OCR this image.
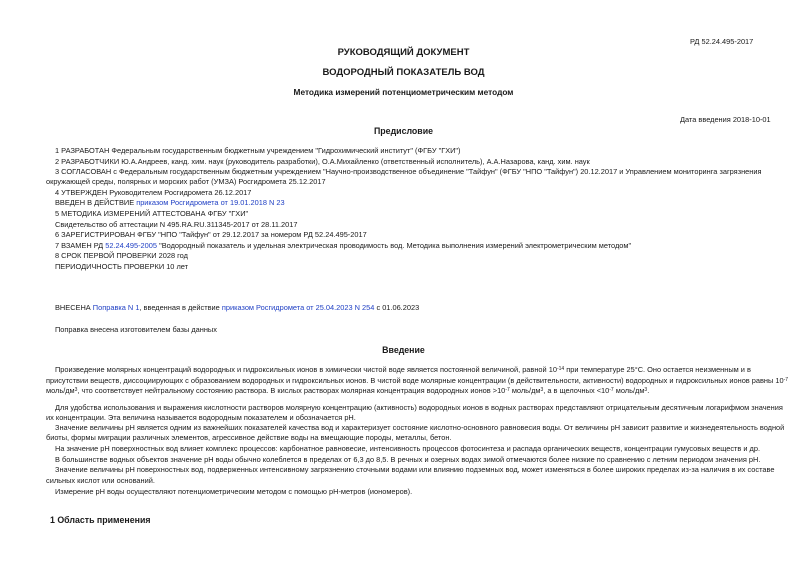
РД 52.24.495-2017
РУКОВОДЯЩИЙ ДОКУМЕНТ
ВОДОРОДНЫЙ ПОКАЗАТЕЛЬ ВОД
Методика измерений потенциометрическим методом
Дата введения 2018-10-01
Предисловие
1 РАЗРАБОТАН Федеральным государственным бюджетным учреждением "Гидрохимический институт" (ФГБУ "ГХИ")
2 РАЗРАБОТЧИКИ Ю.А.Андреев, канд. хим. наук (руководитель разработки), О.А.Михайленко (ответственный исполнитель), А.А.Назарова, канд. хим. наук
3 СОГЛАСОВАН с Федеральным государственным бюджетным учреждением "Научно-производственное объединение "Тайфун" (ФГБУ "НПО "Тайфун") 20.12.2017 и Управлением мониторинга загрязнения
окружающей среды, полярных и морских работ (УМЗА) Росгидромета 25.12.2017
4 УТВЕРЖДЕН Руководителем Росгидромета 26.12.2017
ВВЕДЕН В ДЕЙСТВИЕ приказом Росгидромета от 19.01.2018 N 23
5 МЕТОДИКА ИЗМЕРЕНИЙ АТТЕСТОВАНА ФГБУ "ГХИ"
Свидетельство об аттестации N 495.RA.RU.311345-2017 от 28.11.2017
6 ЗАРЕГИСТРИРОВАН ФГБУ "НПО "Тайфун" от 29.12.2017 за номером РД 52.24.495-2017
7 ВЗАМЕН РД 52.24.495-2005 "Водородный показатель и удельная электрическая проводимость вод. Методика выполнения измерений электрометрическим методом"
8 СРОК ПЕРВОЙ ПРОВЕРКИ 2028 год
ПЕРИОДИЧНОСТЬ ПРОВЕРКИ 10 лет
ВНЕСЕНА Поправка N 1, введенная в действие приказом Росгидромета от 25.04.2023 N 254 с 01.06.2023
Поправка внесена изготовителем базы данных
Введение
Произведение молярных концентраций водородных и гидроксильных ионов в химически чистой воде является постоянной величиной, равной $10^{-14}$ при температуре 25°С. Оно остается неизменным и в
присутствии веществ, диссоциирующих с образованием водородных и гидроксильных ионов. В чистой воде молярные концентрации (в действительности, активности) водородных и гидроксильных ионов равны $10^{-7}$
моль/$дм^3$, что соответствует нейтральному состоянию раствора. В кислых растворах молярная концентрация водородных ионов $>10^{-7}$ моль/$дм^3$, а в щелочных $<10^{-7}$ моль/$дм^3$.
Для удобства использования и выражения кислотности растворов молярную концентрацию (активность) водородных ионов в водных растворах представляют отрицательным десятичным логарифмом значения
их концентрации. Эта величина называется водородным показателем и обозначается рН.
Значение величины рН является одним из важнейших показателей качества вод и характеризует состояние кислотно-основного равновесия воды. От величины рН зависит развитие и жизнедеятельность водной
биоты, формы миграции различных элементов, агрессивное действие воды на вмещающие породы, металлы, бетон.
На значение рН поверхностных вод влияет комплекс процессов: карбонатное равновесие, интенсивность процессов фотосинтеза и распада органических веществ, концентрации гумусовых веществ и др.
В большинстве водных объектов значение рН воды обычно колеблется в пределах от 6,3 до 8,5. В речных и озерных водах зимой отмечаются более низкие по сравнению с летним периодом значения рН.
Значение величины рН поверхностных вод, подверженных интенсивному загрязнению сточными водами или влиянию подземных вод, может изменяться в более широких пределах из-за наличия в их составе
сильных кислот или оснований.
Измерение рН воды осуществляют потенциометрическим методом с помощью рН-метров (иономеров).
1 Область применения
